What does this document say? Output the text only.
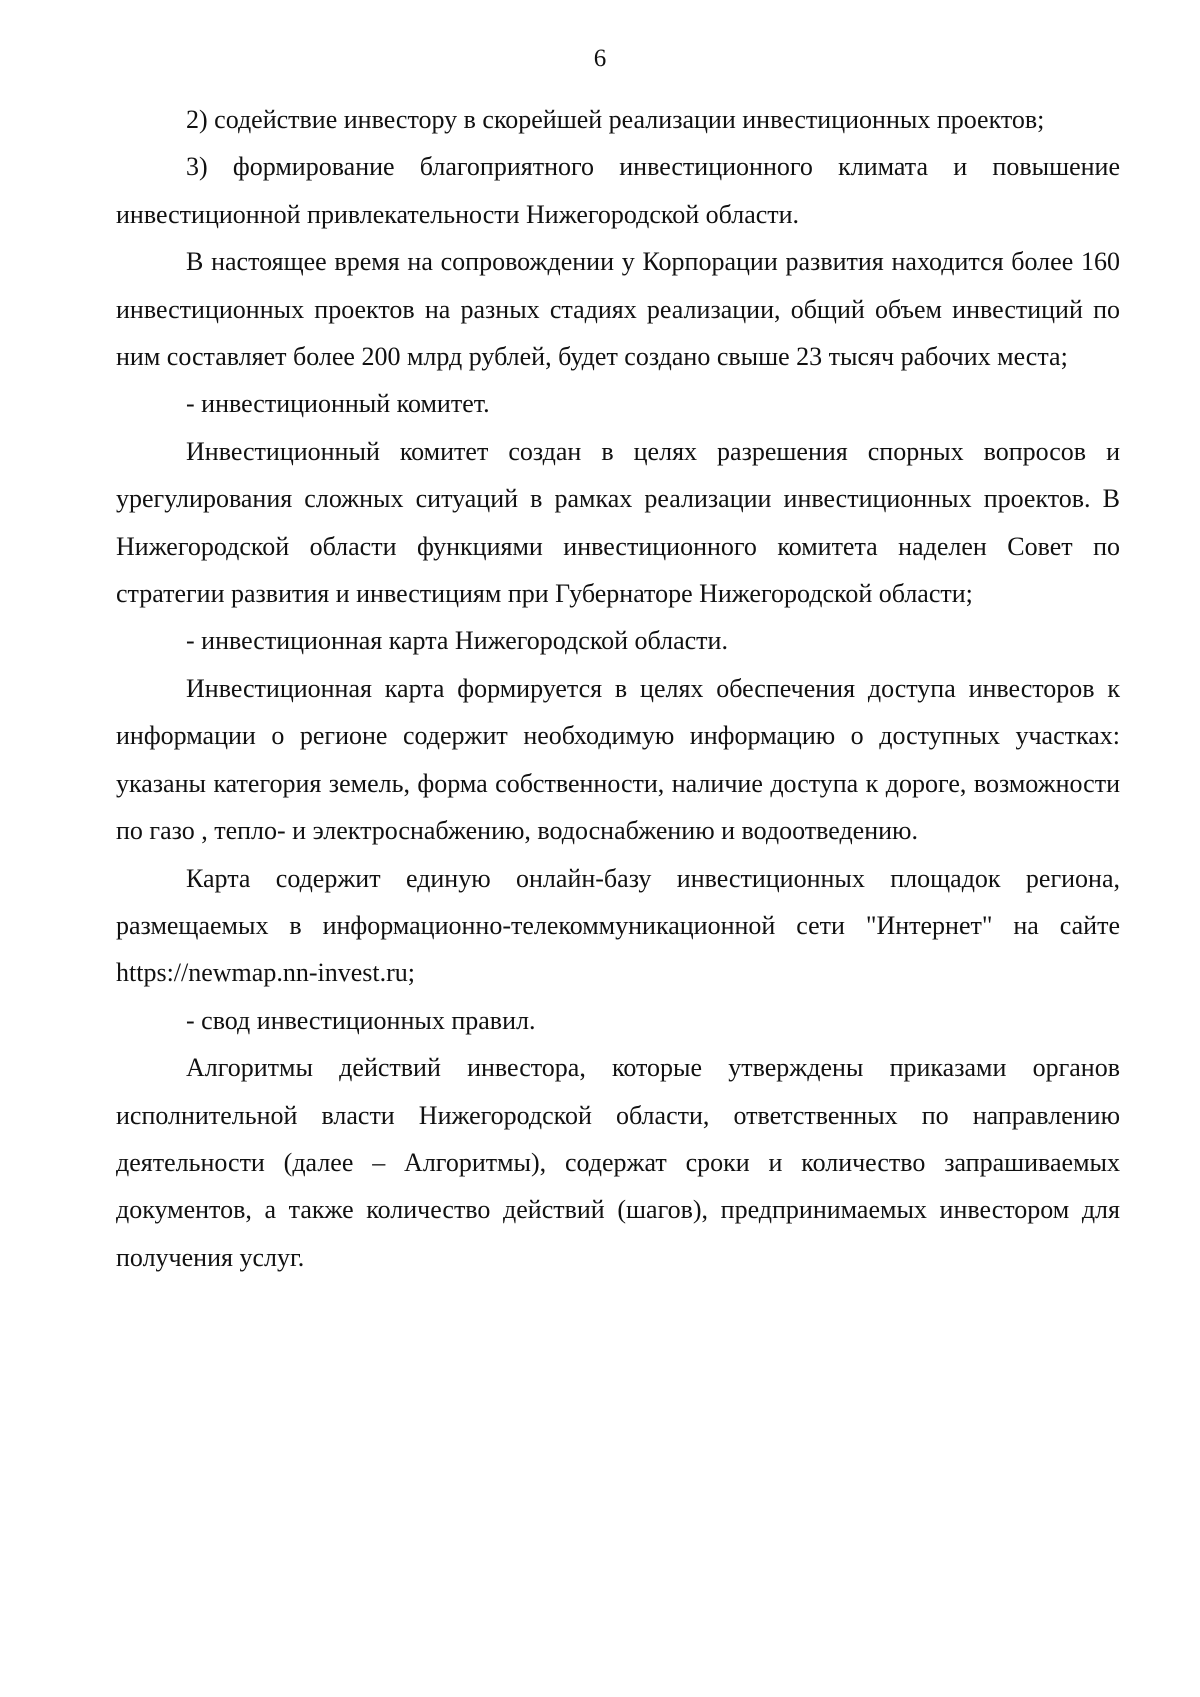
6

2) содействие инвестору в скорейшей реализации инвестиционных проектов;

3) формирование благоприятного инвестиционного климата и повышение инвестиционной привлекательности Нижегородской области.

В настоящее время на сопровождении у Корпорации развития находится более 160 инвестиционных проектов на разных стадиях реализации, общий объем инвестиций по ним составляет более 200 млрд рублей, будет создано свыше 23 тысяч рабочих места;

- инвестиционный комитет.

Инвестиционный комитет создан в целях разрешения спорных вопросов и урегулирования сложных ситуаций в рамках реализации инвестиционных проектов. В Нижегородской области функциями инвестиционного комитета наделен Совет по стратегии развития и инвестициям при Губернаторе Нижегородской области;

- инвестиционная карта Нижегородской области.

Инвестиционная карта формируется в целях обеспечения доступа инвесторов к информации о регионе содержит необходимую информацию о доступных участках: указаны категория земель, форма собственности, наличие доступа к дороге, возможности по газо , тепло- и электроснабжению, водоснабжению и водоотведению.

Карта содержит единую онлайн-базу инвестиционных площадок региона, размещаемых в информационно-телекоммуникационной сети "Интернет" на сайте https://newmap.nn-invest.ru;

- свод инвестиционных правил.

Алгоритмы действий инвестора, которые утверждены приказами органов исполнительной власти Нижегородской области, ответственных по направлению деятельности (далее – Алгоритмы), содержат сроки и количество запрашиваемых документов, а также количество действий (шагов), предпринимаемых инвестором для получения услуг.
